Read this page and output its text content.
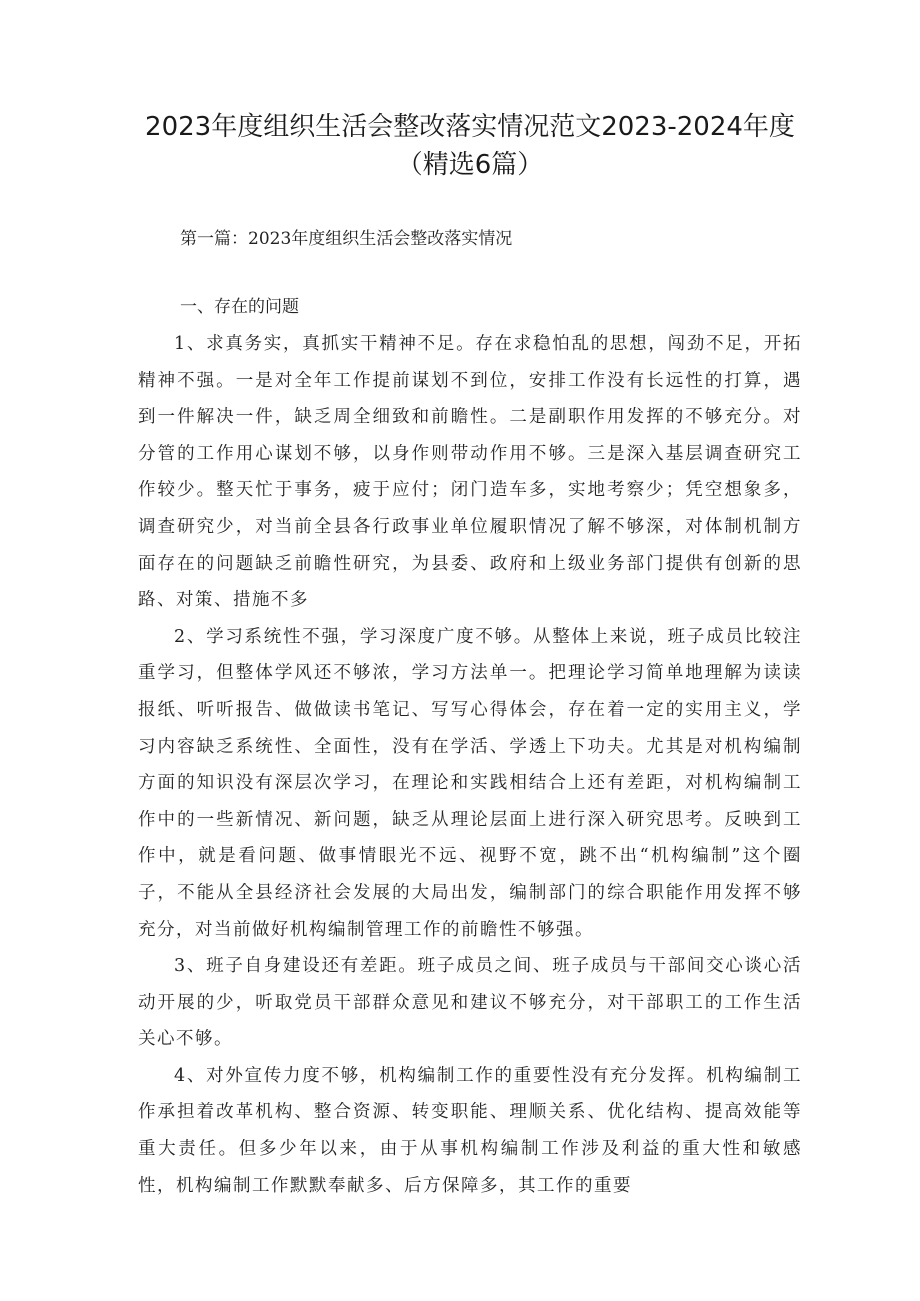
2023年度组织生活会整改落实情况范文2023-2024年度（精选6篇）
第一篇：2023年度组织生活会整改落实情况
一、存在的问题

1、求真务实，真抓实干精神不足。存在求稳怕乱的思想，闯劲不足，开拓精神不强。一是对全年工作提前谋划不到位，安排工作没有长远性的打算，遇到一件解决一件，缺乏周全细致和前瞻性。二是副职作用发挥的不够充分。对分管的工作用心谋划不够，以身作则带动作用不够。三是深入基层调查研究工作较少。整天忙于事务，疲于应付；闭门造车多，实地考察少；凭空想象多，调查研究少，对当前全县各行政事业单位履职情况了解不够深，对体制机制方面存在的问题缺乏前瞻性研究，为县委、政府和上级业务部门提供有创新的思路、对策、措施不多

2、学习系统性不强，学习深度广度不够。从整体上来说，班子成员比较注重学习，但整体学风还不够浓，学习方法单一。把理论学习简单地理解为读读报纸、听听报告、做做读书笔记、写写心得体会，存在着一定的实用主义，学习内容缺乏系统性、全面性，没有在学活、学透上下功夫。尤其是对机构编制方面的知识没有深层次学习，在理论和实践相结合上还有差距，对机构编制工作中的一些新情况、新问题，缺乏从理论层面上进行深入研究思考。反映到工作中，就是看问题、做事情眼光不远、视野不宽，跳不出“机构编制”这个圈子，不能从全县经济社会发展的大局出发，编制部门的综合职能作用发挥不够充分，对当前做好机构编制管理工作的前瞻性不够强。

3、班子自身建设还有差距。班子成员之间、班子成员与干部间交心谈心活动开展的少，听取党员干部群众意见和建议不够充分，对干部职工的工作生活关心不够。

4、对外宣传力度不够，机构编制工作的重要性没有充分发挥。机构编制工作承担着改革机构、整合资源、转变职能、理顺关系、优化结构、提高效能等重大责任。但多少年以来，由于从事机构编制工作涉及利益的重大性和敏感性，机构编制工作默默奉献多、后方保障多，其工作的重要
